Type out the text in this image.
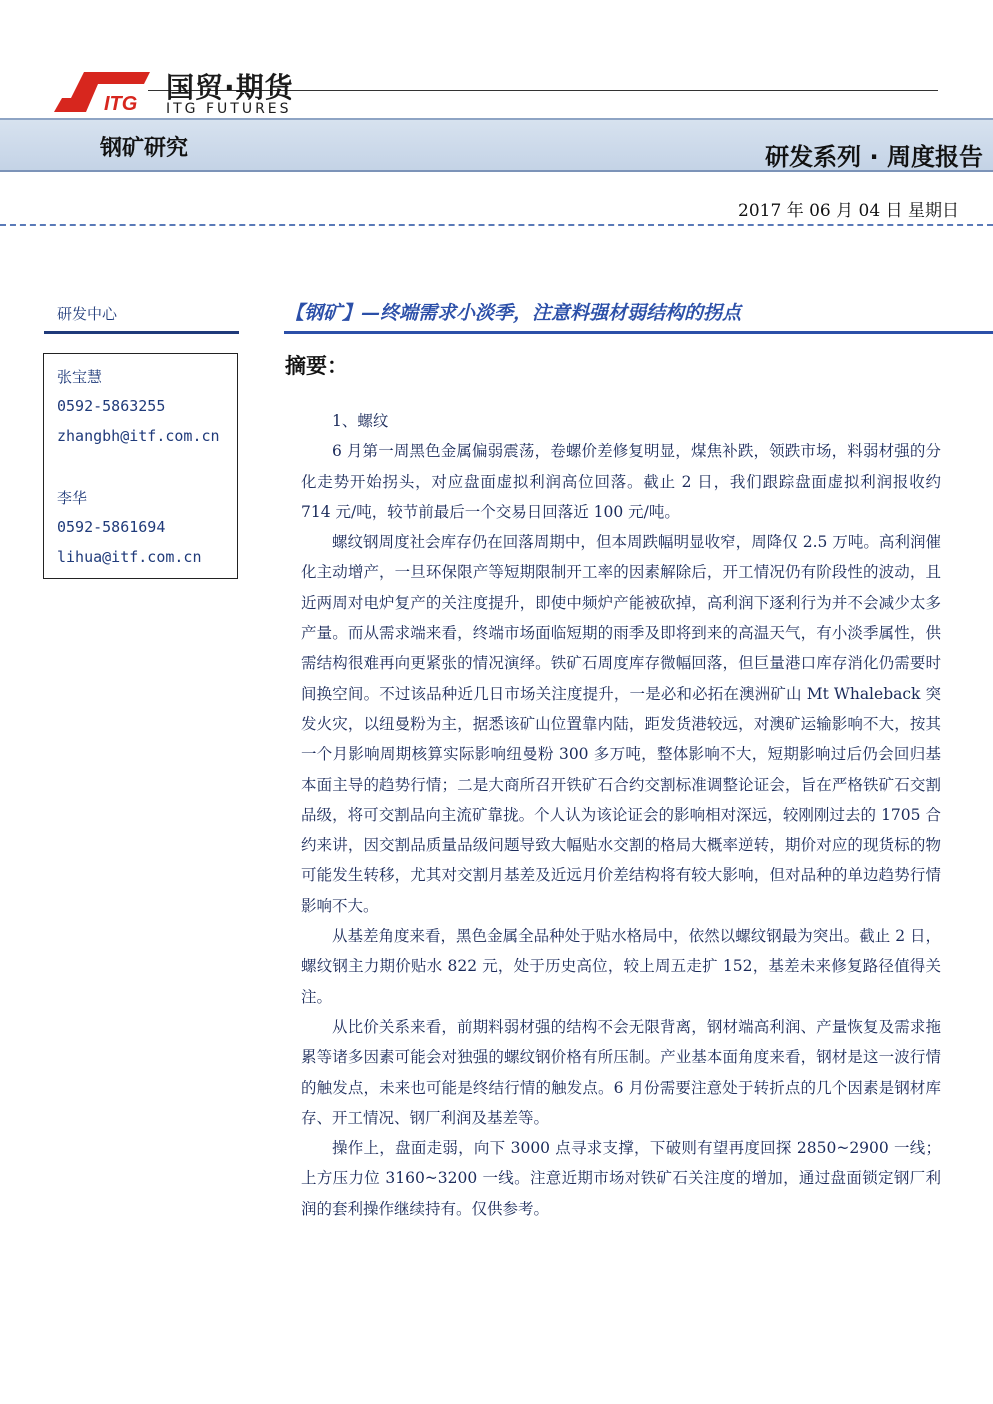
ITG 国贸·期货
ITG FUTURES
钢矿研究	研发系列 · 周度报告
2017 年 06 月 04 日 星期日
研发中心
张宝慧
0592-5863255
zhangbh@itf.com.cn
李华
0592-5861694
lihua@itf.com.cn
【钢矿】—终端需求小淡季，注意料强材弱结构的拐点
摘要：

1、螺纹

6 月第一周黑色金属偏弱震荡，卷螺价差修复明显，煤焦补跌，领跌市场，料弱材强的分化走势开始拐头，对应盘面虚拟利润高位回落。截止 2 日，我们跟踪盘面虚拟利润报收约 714 元/吨，较节前最后一个交易日回落近 100 元/吨。

螺纹钢周度社会库存仍在回落周期中，但本周跌幅明显收窄，周降仅 2.5 万吨。高利润催化主动增产，一旦环保限产等短期限制开工率的因素解除后，开工情况仍有阶段性的波动，且近两周对电炉复产的关注度提升，即使中频炉产能被砍掉，高利润下逐利行为并不会减少太多产量。而从需求端来看，终端市场面临短期的雨季及即将到来的高温天气，有小淡季属性，供需结构很难再向更紧张的情况演绎。铁矿石周度库存微幅回落，但巨量港口库存消化仍需要时间换空间。不过该品种近几日市场关注度提升，一是必和必拓在澳洲矿山 Mt Whaleback 突发火灾，以纽曼粉为主，据悉该矿山位置靠内陆，距发货港较远，对澳矿运输影响不大，按其一个月影响周期核算实际影响纽曼粉 300 多万吨，整体影响不大，短期影响过后仍会回归基本面主导的趋势行情；二是大商所召开铁矿石合约交割标准调整论证会，旨在严格铁矿石交割品级，将可交割品向主流矿靠拢。个人认为该论证会的影响相对深远，较刚刚过去的 1705 合约来讲，因交割品质量品级问题导致大幅贴水交割的格局大概率逆转，期价对应的现货标的物可能发生转移，尤其对交割月基差及近远月价差结构将有较大影响，但对品种的单边趋势行情影响不大。

从基差角度来看，黑色金属全品种处于贴水格局中，依然以螺纹钢最为突出。截止 2 日，螺纹钢主力期价贴水 822 元，处于历史高位，较上周五走扩 152，基差未来修复路径值得关注。

从比价关系来看，前期料弱材强的结构不会无限背离，钢材端高利润、产量恢复及需求拖累等诸多因素可能会对独强的螺纹钢价格有所压制。产业基本面角度来看，钢材是这一波行情的触发点，未来也可能是终结行情的触发点。6 月份需要注意处于转折点的几个因素是钢材库存、开工情况、钢厂利润及基差等。

操作上，盘面走弱，向下 3000 点寻求支撑，下破则有望再度回探 2850~2900 一线；上方压力位 3160~3200 一线。注意近期市场对铁矿石关注度的增加，通过盘面锁定钢厂利润的套利操作继续持有。仅供参考。
